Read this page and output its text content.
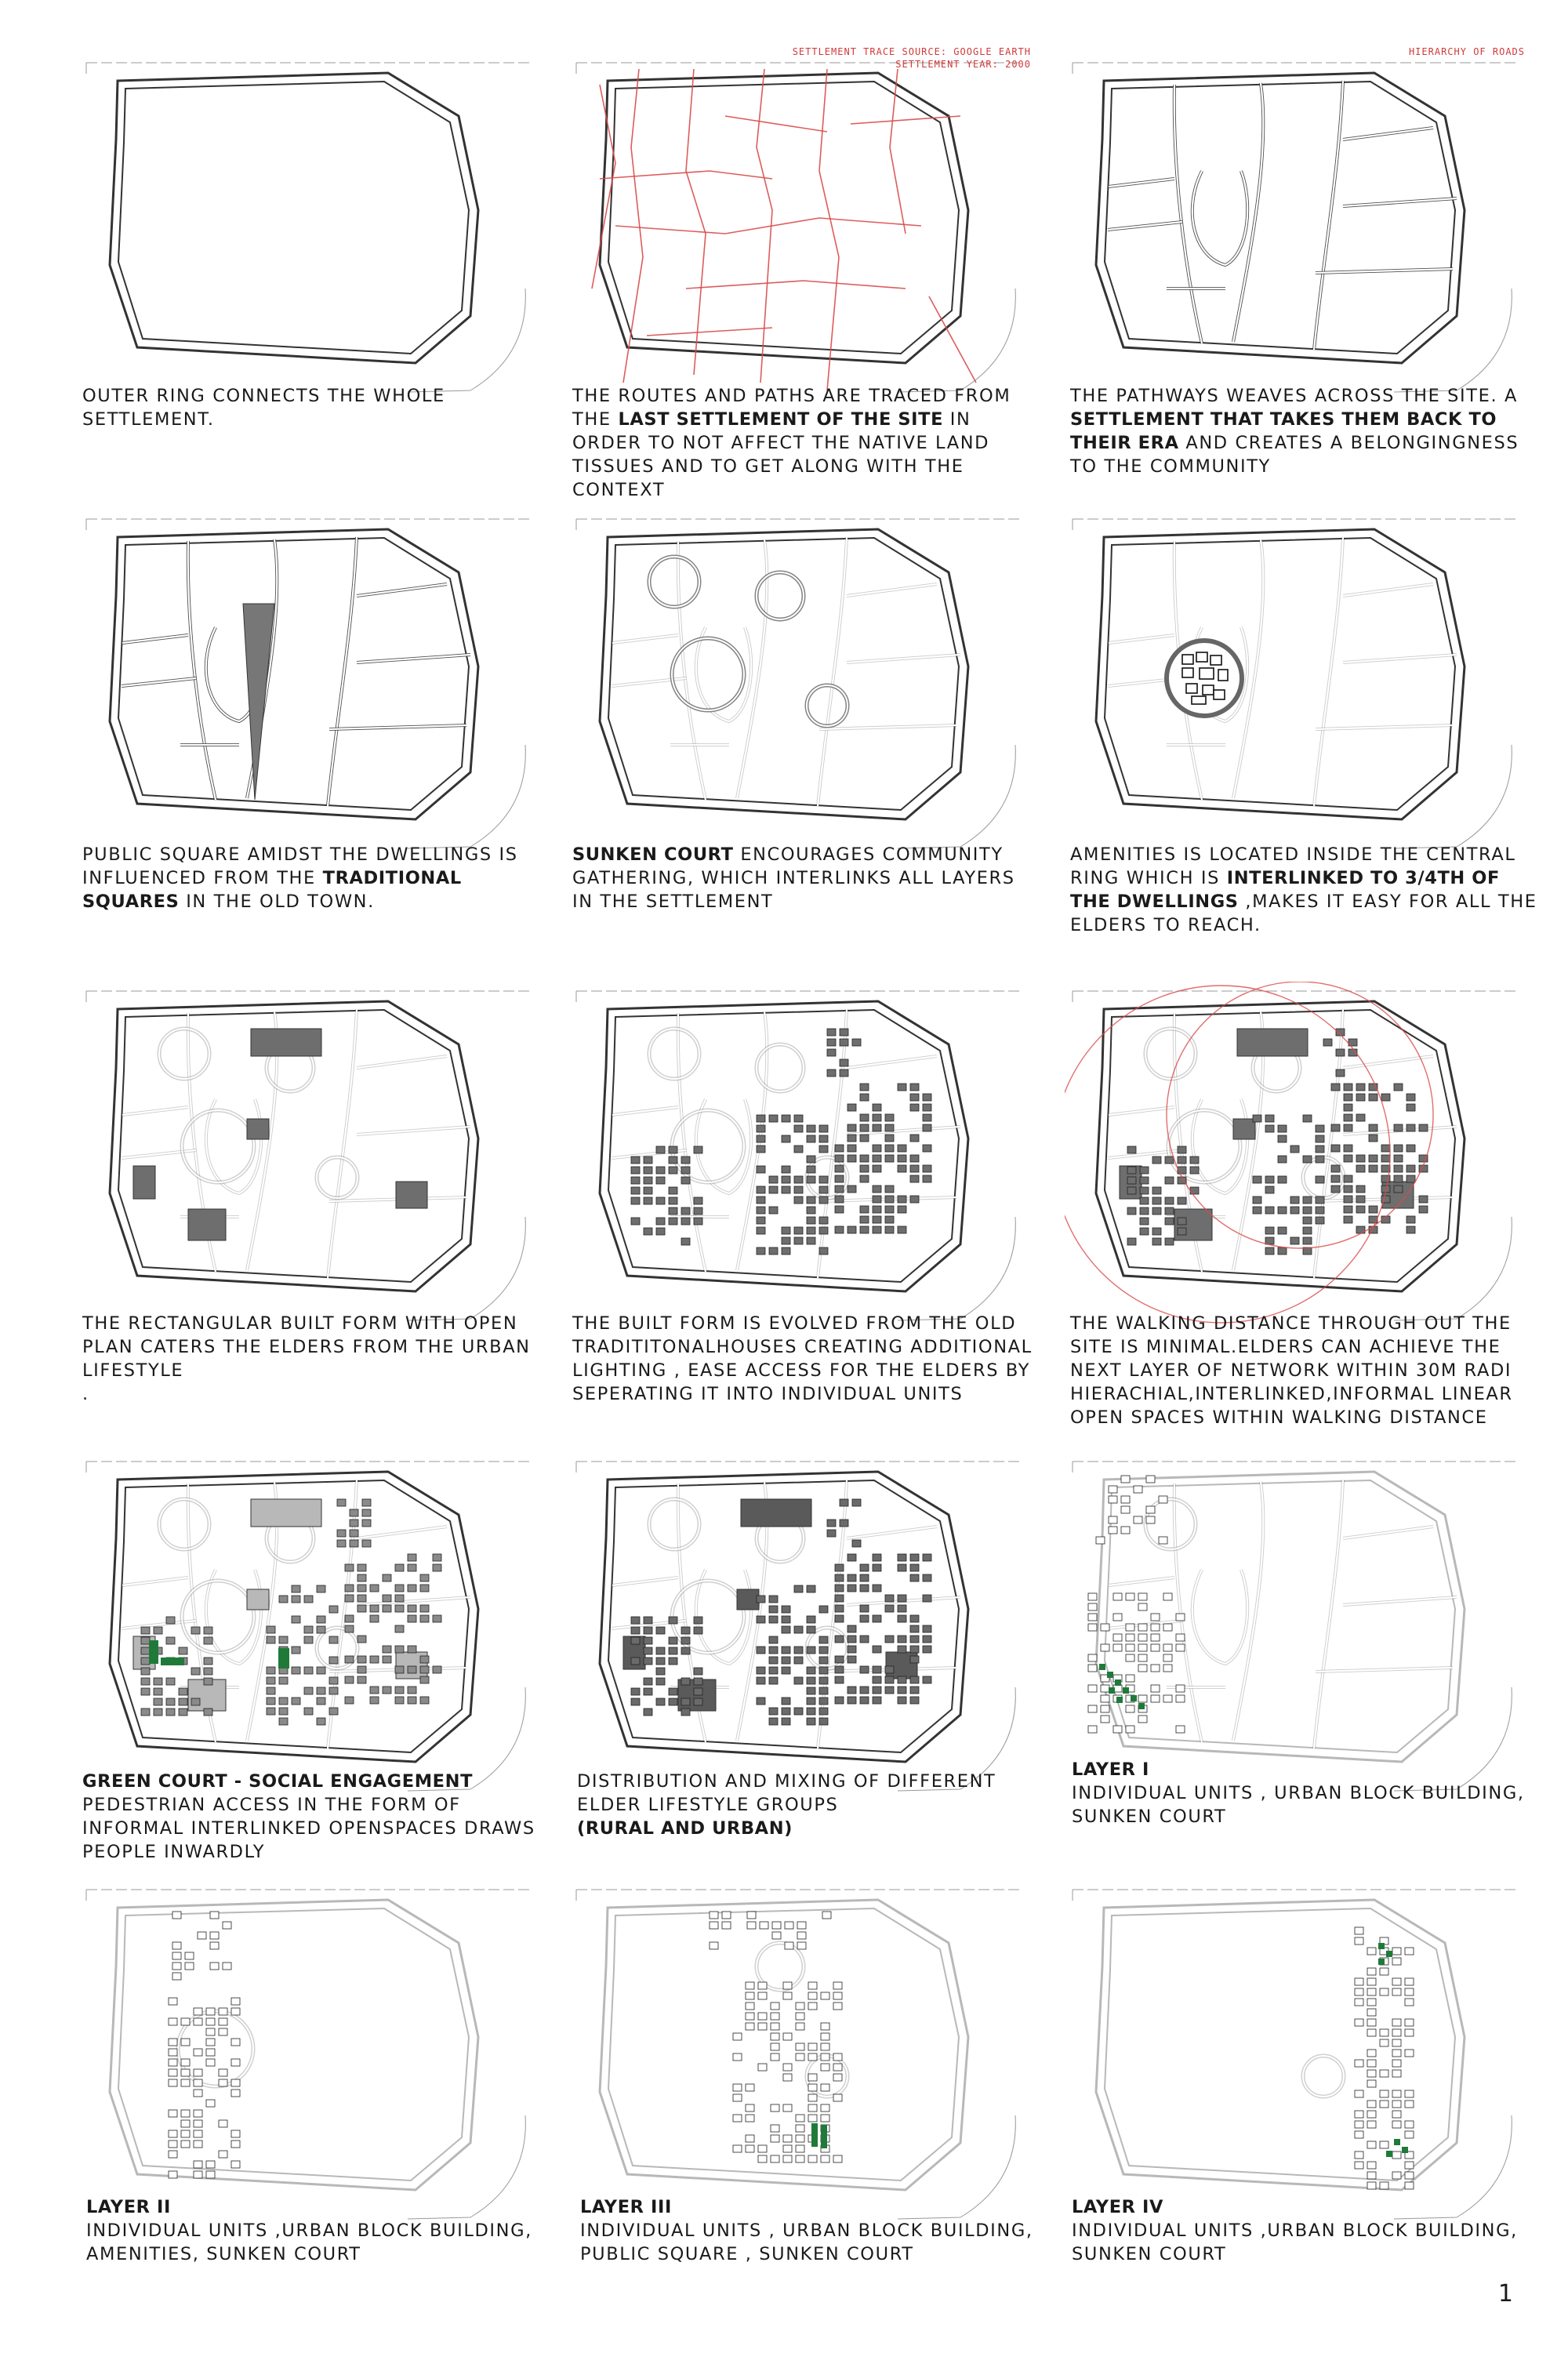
SETTLEMENT TRACE SOURCE: GOOGLE EARTH
SETTLEMENT YEAR: 2000
HIERARCHY OF ROADS
OUTER RING CONNECTS THE WHOLE SETTLEMENT.
THE ROUTES AND PATHS ARE TRACED FROM THE LAST SETTLEMENT OF THE SITE IN ORDER TO NOT AFFECT THE NATIVE LAND TISSUES AND TO GET ALONG WITH THE CONTEXT
THE PATHWAYS WEAVES ACROSS THE SITE. A SETTLEMENT THAT TAKES THEM BACK TO THEIR ERA AND CREATES A BELONGINGNESS TO THE COMMUNITY
PUBLIC SQUARE AMIDST THE DWELLINGS IS INFLUENCED FROM THE TRADITIONAL SQUARES IN THE OLD TOWN.
SUNKEN COURT ENCOURAGES COMMUNITY GATHERING, WHICH INTERLINKS ALL LAYERS IN THE SETTLEMENT
AMENITIES IS LOCATED INSIDE THE CENTRAL RING WHICH IS INTERLINKED TO 3/4TH OF THE DWELLINGS ,MAKES IT EASY FOR ALL THE ELDERS TO REACH.
THE RECTANGULAR BUILT FORM WITH OPEN PLAN CATERS THE ELDERS FROM THE URBAN LIFESTYLE
.
THE BUILT FORM IS EVOLVED FROM THE OLD TRADITITONALHOUSES CREATING ADDITIONAL LIGHTING , EASE ACCESS FOR THE ELDERS BY SEPERATING IT INTO INDIVIDUAL UNITS
THE WALKING DISTANCE THROUGH OUT THE SITE IS MINIMAL.ELDERS CAN ACHIEVE THE NEXT LAYER OF NETWORK WITHIN 30M RADI HIERACHIAL,INTERLINKED,INFORMAL LINEAR OPEN SPACES WITHIN WALKING DISTANCE
GREEN COURT - SOCIAL ENGAGEMENT
PEDESTRIAN ACCESS IN THE FORM OF INFORMAL INTERLINKED OPENSPACES DRAWS PEOPLE INWARDLY
DISTRIBUTION AND MIXING OF DIFFERENT ELDER LIFESTYLE GROUPS
(RURAL AND URBAN)
LAYER I
INDIVIDUAL UNITS , URBAN BLOCK BUILDING, SUNKEN COURT
LAYER II
INDIVIDUAL UNITS ,URBAN BLOCK BUILDING, AMENITIES, SUNKEN COURT
LAYER III
INDIVIDUAL UNITS , URBAN BLOCK BUILDING, PUBLIC SQUARE , SUNKEN COURT
LAYER IV
INDIVIDUAL UNITS ,URBAN BLOCK BUILDING, SUNKEN COURT
1
